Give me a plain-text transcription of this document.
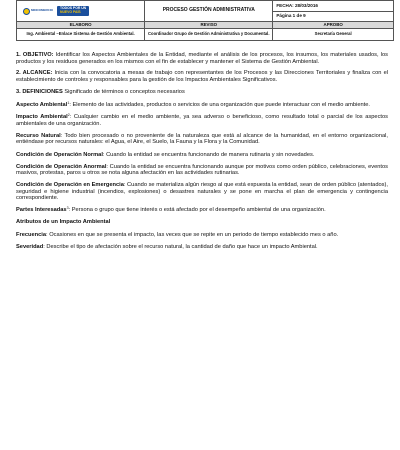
MINCOMERCIO TODOS POR UN
NUEVO PAÍS	PROCESO GESTIÓN ADMINISTRATIVA	FECHA: 28/03/2016
		Página 1 de 9
ELABORO	REVISO	APROBO
Ing. Ambiental –Enlace Sistema de Gestión Ambiental.	Coordinador Grupo de Gestión Administrativa y Documental.	Secretaría General

1. OBJETIVO: Identificar los Aspectos Ambientales de la Entidad, mediante el análisis de los procesos, los insumos, los materiales usados, los productos y los residuos generados en los mismos con el fin de establecer y mantener el Sistema de Gestión Ambiental.

2. ALCANCE: Inicia con la convocatoria a mesas de trabajo con representantes de los Procesos y las Direcciones Territoriales y finaliza con el establecimiento de controles y responsables para la gestión de los Impactos Ambientales Significativos.

3. DEFINICIONES Significado de términos o conceptos necesarios

Aspecto Ambiental$^1$: Elemento de las actividades, productos o servicios de una organización que puede interactuar con el medio ambiente.

Impacto Ambiental$^2$: Cualquier cambio en el medio ambiente, ya sea adverso o beneficioso, como resultado total o parcial de los aspectos ambientales de una organización.

Recurso Natural: Todo bien procesado o no proveniente de la naturaleza que está al alcance de la humanidad, en el entorno organizacional, entiéndase por recursos naturales: el Agua, el Aire, el Suelo, la Fauna y la Flora y la Comunidad.

Condición de Operación Normal: Cuando la entidad se encuentra funcionando de manera rutinaria y sin novedades.

Condición de Operación Anormal: Cuando la entidad se encuentra funcionando aunque por motivos como orden público, celebraciones, eventos masivos, protestas, paros u otros se nota alguna afectación en las actividades rutinarias.

Condición de Operación en Emergencia: Cuando se materializa algún riesgo al que está expuesta la entidad, sean de orden público (atentados), seguridad e higiene industrial (incendios, explosiones) o desastres naturales y se pone en marcha el plan de emergencia y contingencia correspondiente.

Partes Interesadas$^3$: Persona o grupo que tiene interés o está afectado por el desempeño ambiental de una organización.

Atributos de un Impacto Ambiental

Frecuencia: Ocasiones en que se presenta el impacto, las veces que se repite en un periodo de tiempo establecido mes o año.

Severidad: Describe el tipo de afectación sobre el recurso natural, la cantidad de daño que hace un impacto Ambiental.
